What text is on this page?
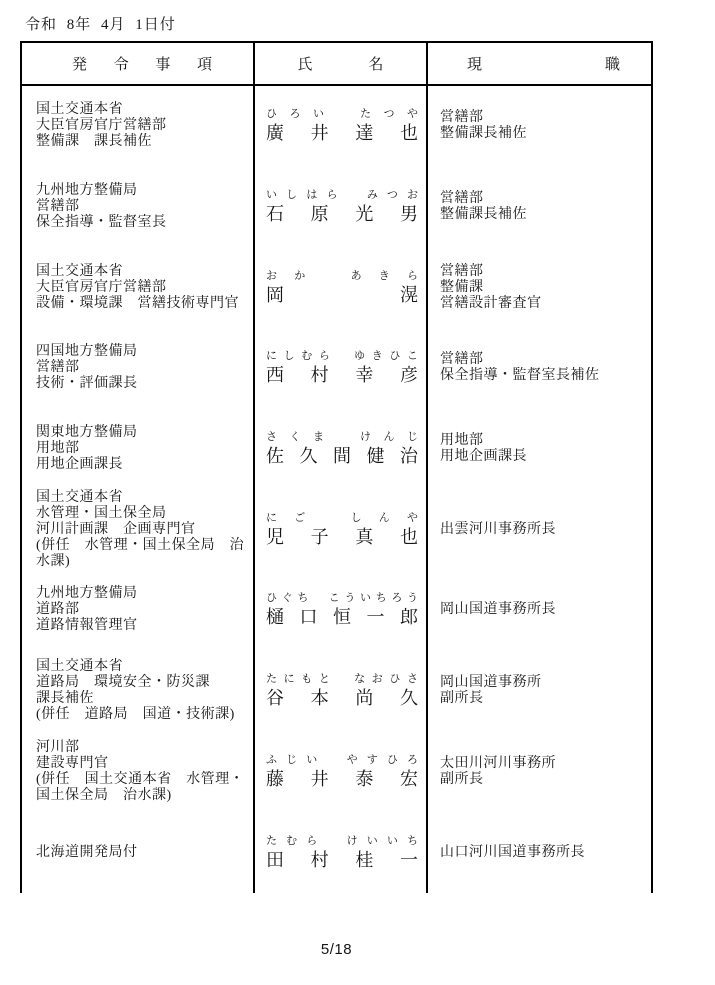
令和 8年 4月 1日付
発令事項	氏名	現職
国土交通本省
大臣官房官庁営繕部
整備課　課長補佐
ひろい　たつや
廣井達也
営繕部
整備課長補佐
九州地方整備局
営繕部
保全指導・監督室長
いしはら　みつお
石原光男
営繕部
整備課長補佐
国土交通本省
大臣官房官庁営繕部
設備・環境課　営繕技術専門官
おか　あきら
岡滉
営繕部
整備課
営繕設計審査官
四国地方整備局
営繕部
技術・評価課長
にしむら　ゆきひこ
西村幸彦
営繕部
保全指導・監督室長補佐
関東地方整備局
用地部
用地企画課長
さくま　けんじ
佐久間健治
用地部
用地企画課長
国土交通本省
水管理・国土保全局
河川計画課　企画専門官
(併任　水管理・国土保全局　治
水課)
にご　しんや
児子真也 出雲河川事務所長
九州地方整備局
道路部
道路情報管理官
ひぐち　こういちろう
樋口恒一郎 岡山国道事務所長
国土交通本省
道路局　環境安全・防災課
課長補佐
(併任　道路局　国道・技術課)
たにもと　なおひさ
谷本尚久
岡山国道事務所
副所長
河川部
建設専門官
(併任　国土交通本省　水管理・
国土保全局　治水課)
ふじい　やすひろ
藤井泰宏
太田川河川事務所
副所長
北海道開発局付
たむら　けいいち
田村桂一 山口河川国道事務所長
5/18
